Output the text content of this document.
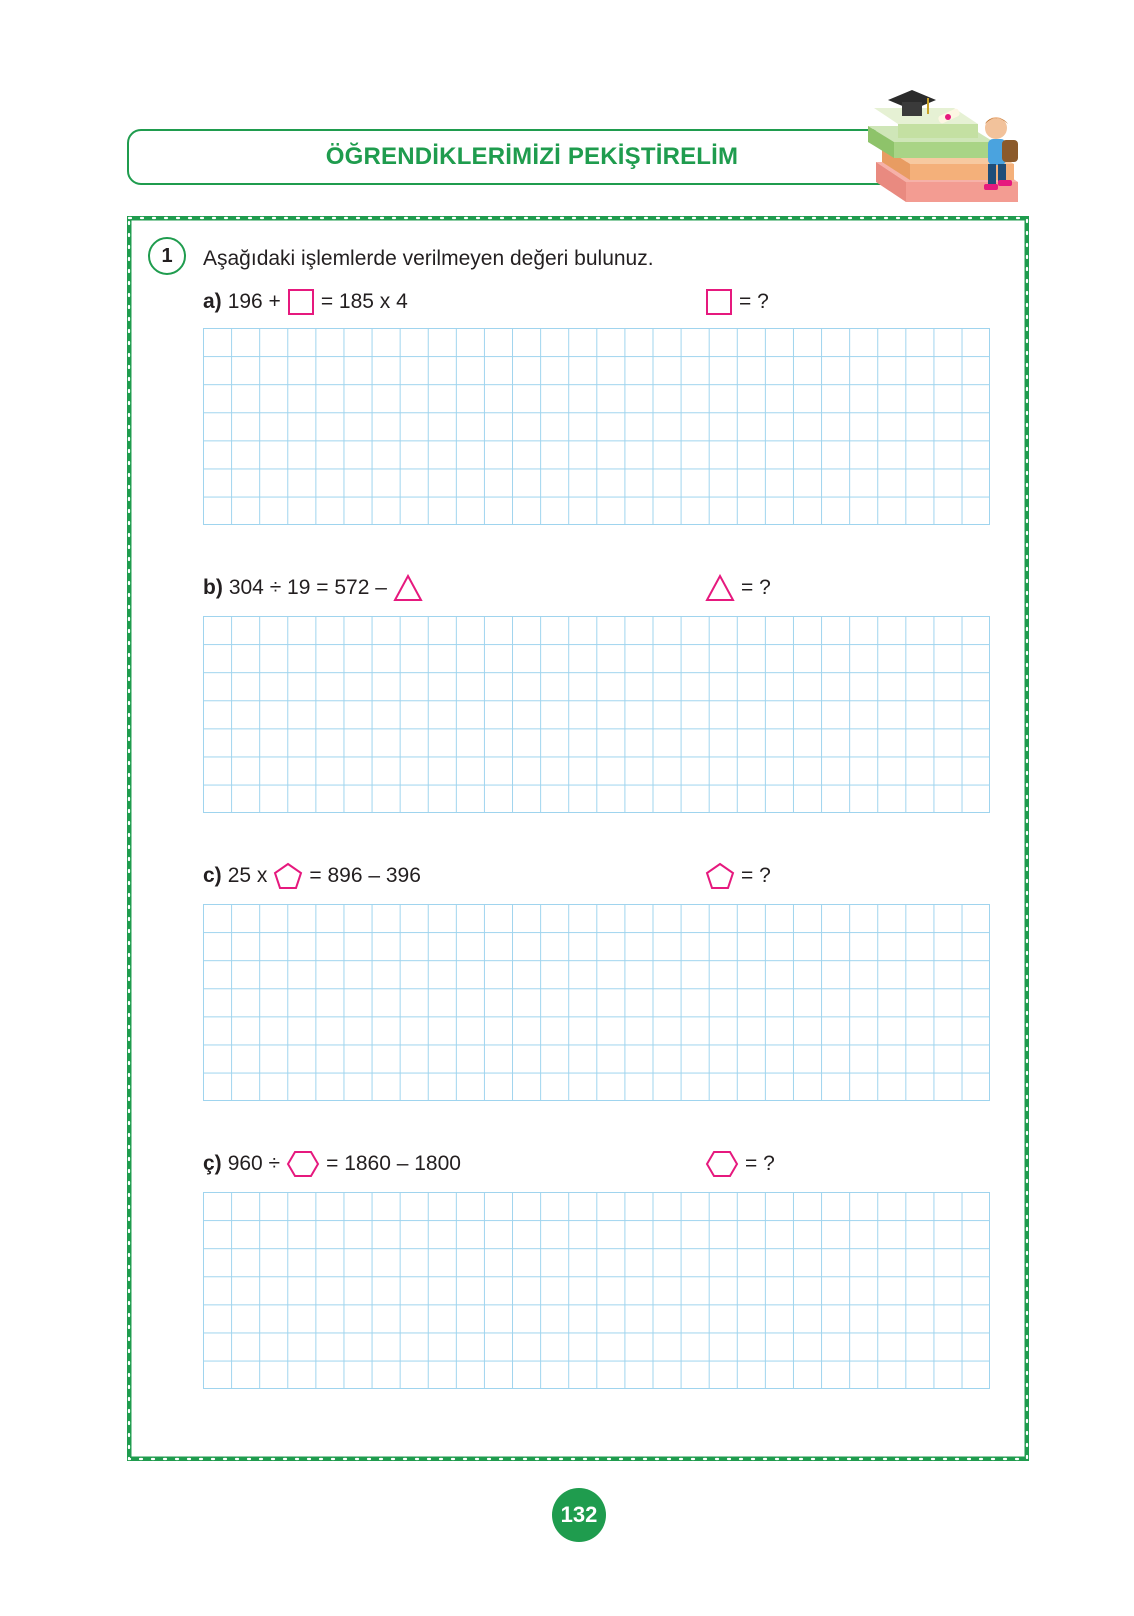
ÖĞRENDİKLERİMİZİ PEKİŞTİRELİM
1	Aşağıdaki işlemlerde verilmeyen değeri bulunuz.
a) 196 + = 185 x 4	= ?
b) 304 ÷ 19 = 572 –	= ?
c) 25 x = 896 – 396	= ?
ç) 960 ÷ = 1860 – 1800	= ?
132
